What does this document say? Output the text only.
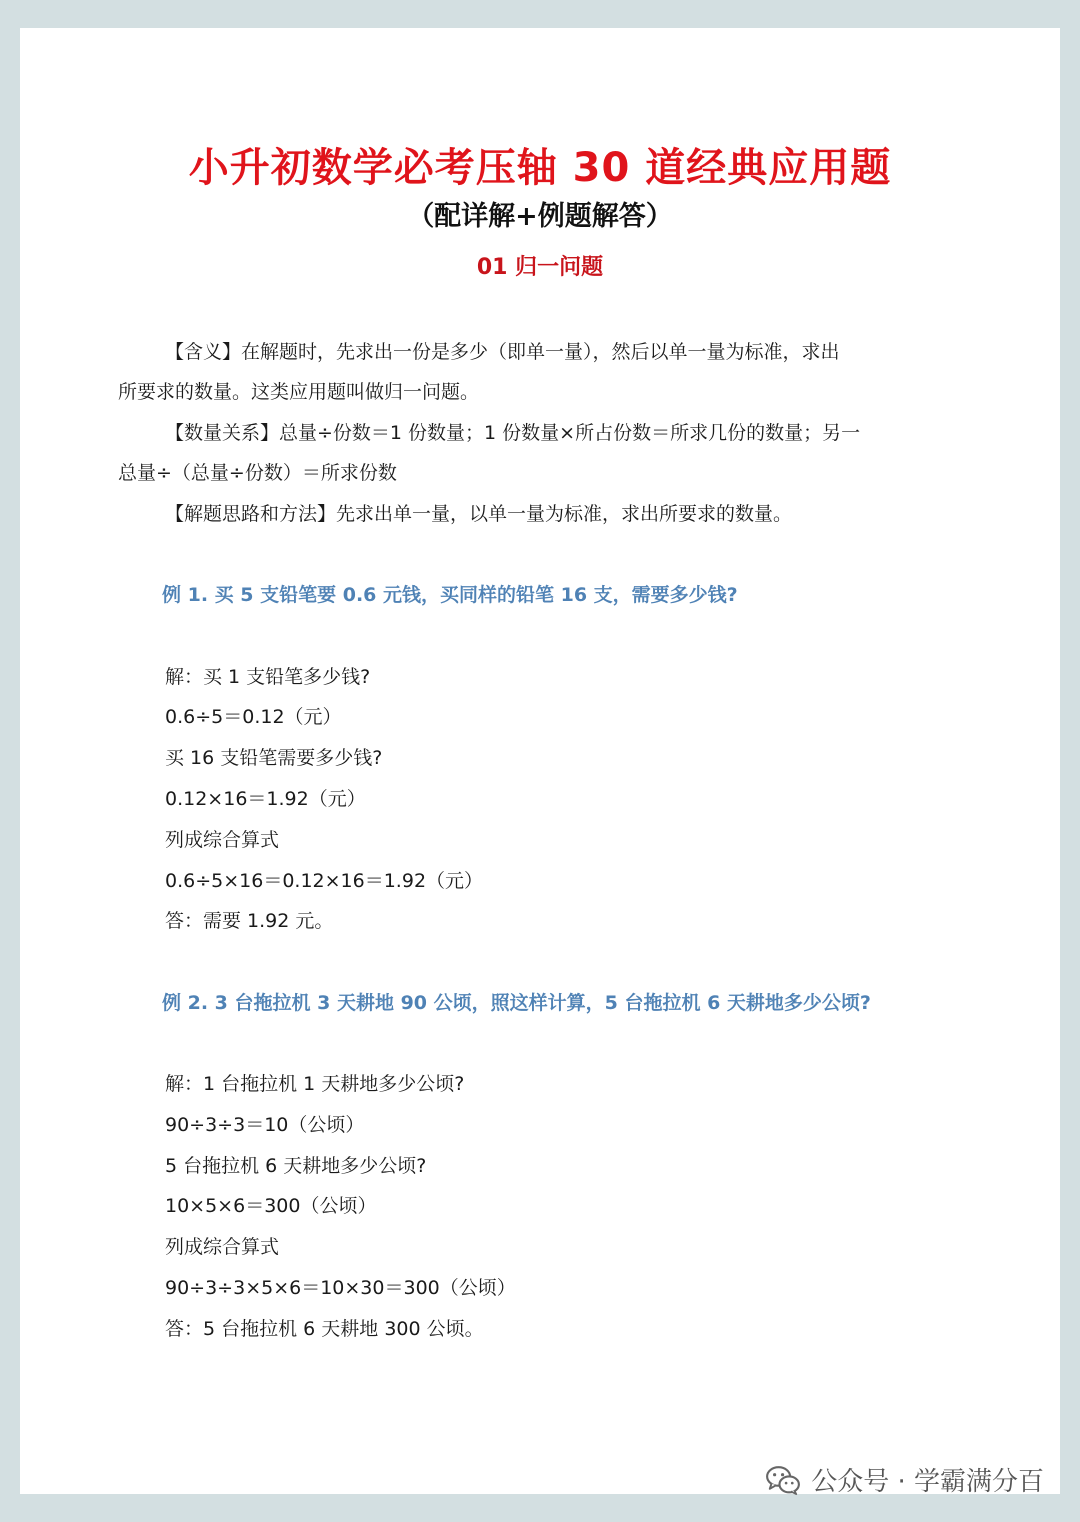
小升初数学必考压轴 30 道经典应用题
（配详解+例题解答）
01 归一问题

【含义】在解题时，先求出一份是多少（即单一量），然后以单一量为标准，求出

所要求的数量。这类应用题叫做归一问题。

【数量关系】总量÷份数＝1 份数量；1 份数量×所占份数＝所求几份的数量；另一

总量÷（总量÷份数）＝所求份数

【解题思路和方法】先求出单一量，以单一量为标准，求出所要求的数量。

例 1. 买 5 支铅笔要 0.6 元钱，买同样的铅笔 16 支，需要多少钱?

解：买 1 支铅笔多少钱?

0.6÷5＝0.12（元）

买 16 支铅笔需要多少钱?

0.12×16＝1.92（元）

列成综合算式

0.6÷5×16＝0.12×16＝1.92（元）

答：需要 1.92 元。

例 2. 3 台拖拉机 3 天耕地 90 公顷，照这样计算，5 台拖拉机 6 天耕地多少公顷?

解：1 台拖拉机 1 天耕地多少公顷?

90÷3÷3＝10（公顷）

5 台拖拉机 6 天耕地多少公顷?

10×5×6＝300（公顷）

列成综合算式

90÷3÷3×5×6＝10×30＝300（公顷）

答：5 台拖拉机 6 天耕地 300 公顷。

公众号 · 学霸满分百
